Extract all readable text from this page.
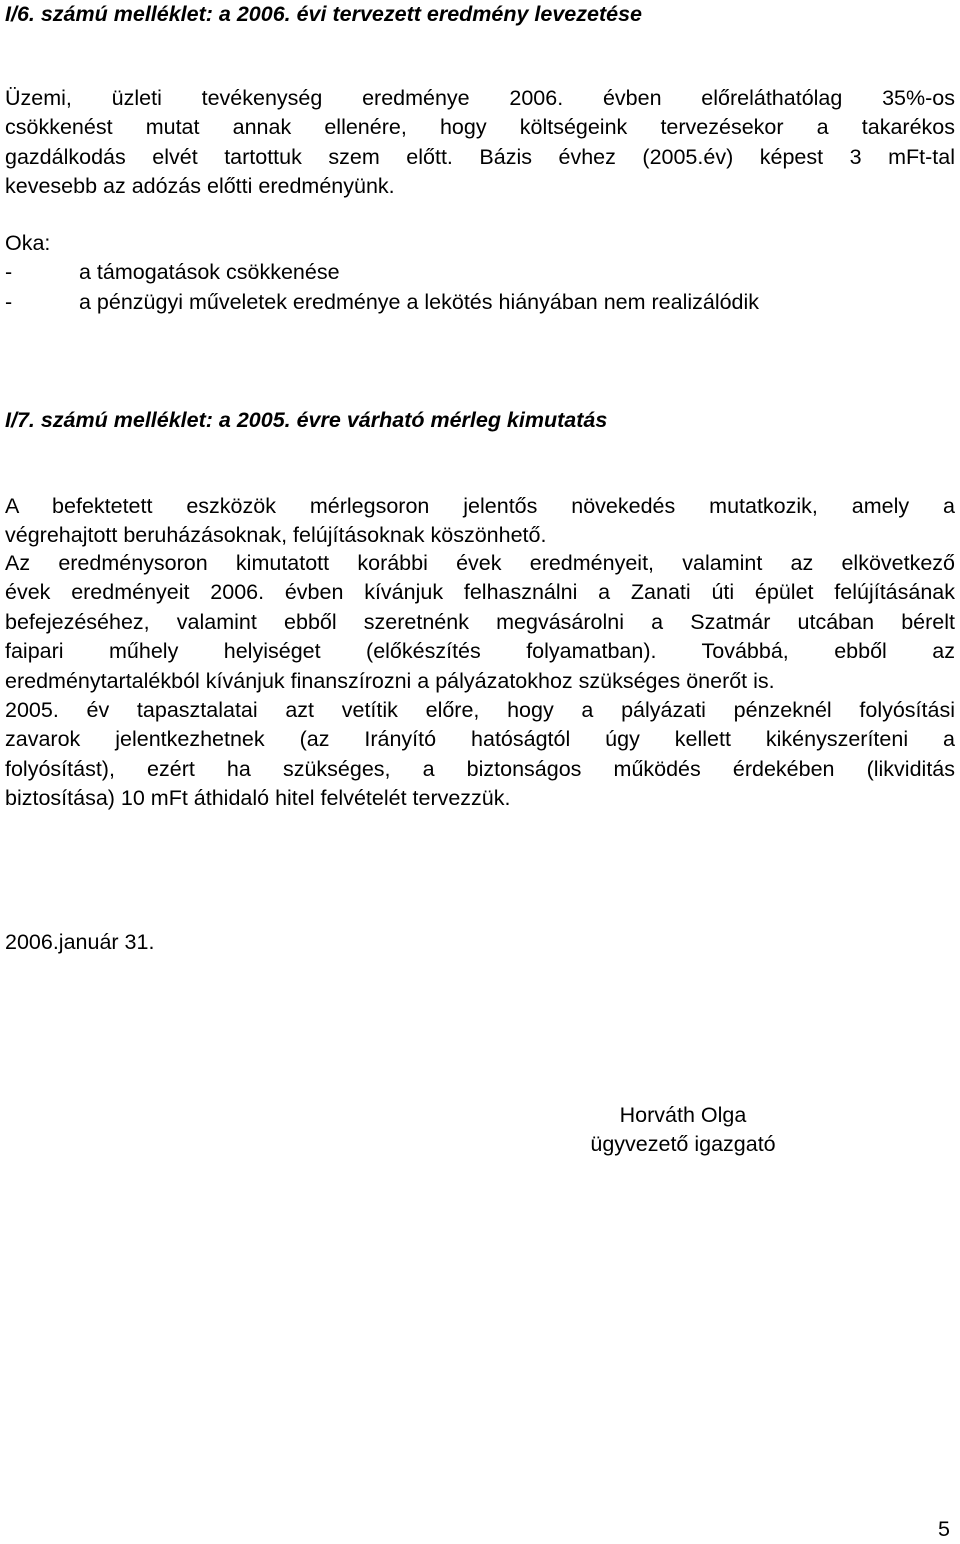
I/6. számú melléklet: a 2006. évi tervezett eredmény levezetése
Üzemi, üzleti tevékenység eredménye 2006. évben előreláthatólag 35%-os
csökkenést mutat annak ellenére, hogy költségeink tervezésekor a takarékos
gazdálkodás elvét tartottuk szem előtt. Bázis évhez (2005.év) képest 3 mFt-tal
kevesebb az adózás előtti eredményünk.
Oka:
-	a támogatások csökkenése
-	a pénzügyi műveletek eredménye a lekötés hiányában nem realizálódik
I/7. számú melléklet: a 2005. évre várható mérleg kimutatás
A befektetett eszközök mérlegsoron jelentős növekedés mutatkozik, amely a
végrehajtott beruházásoknak, felújításoknak köszönhető.
Az eredménysoron kimutatott korábbi évek eredményeit, valamint az elkövetkező
évek eredményeit 2006. évben kívánjuk felhasználni a Zanati úti épület felújításának
befejezéséhez, valamint ebből szeretnénk megvásárolni a Szatmár utcában bérelt
faipari műhely helyiséget (előkészítés folyamatban). Továbbá, ebből az
eredménytartalékból kívánjuk finanszírozni a pályázatokhoz szükséges önerőt is.
2005. év tapasztalatai azt vetítik előre, hogy a pályázati pénzeknél folyósítási
zavarok jelentkezhetnek (az Irányító hatóságtól úgy kellett kikényszeríteni a
folyósítást), ezért ha szükséges, a biztonságos működés érdekében (likviditás
biztosítása) 10 mFt áthidaló hitel felvételét tervezzük.
2006.január 31.
Horváth Olga
ügyvezető igazgató
5
